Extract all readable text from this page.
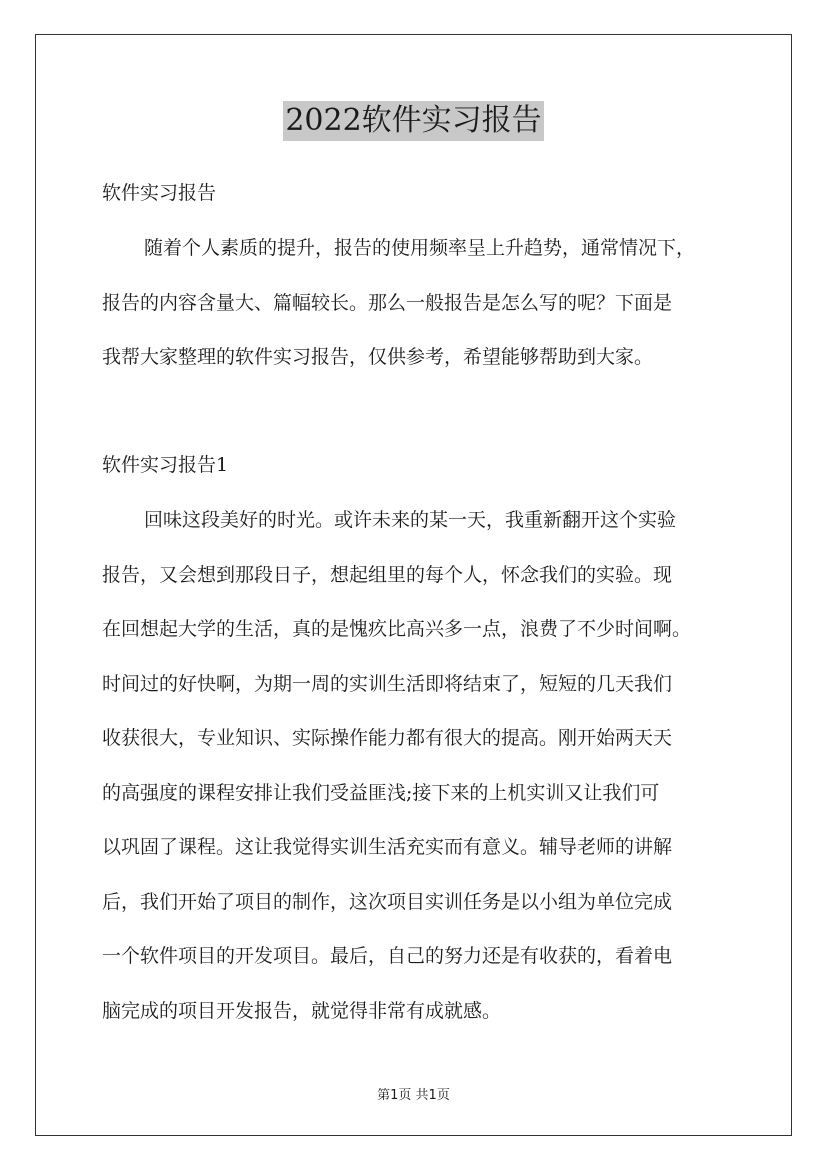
2022软件实习报告
软件实习报告
随着个人素质的提升，报告的使用频率呈上升趋势，通常情况下，
报告的内容含量大、篇幅较长。那么一般报告是怎么写的呢？下面是
我帮大家整理的软件实习报告，仅供参考，希望能够帮助到大家。
软件实习报告1
回味这段美好的时光。或许未来的某一天，我重新翻开这个实验
报告，又会想到那段日子，想起组里的每个人，怀念我们的实验。现
在回想起大学的生活，真的是愧疚比高兴多一点，浪费了不少时间啊。
时间过的好快啊，为期一周的实训生活即将结束了，短短的几天我们
收获很大，专业知识、实际操作能力都有很大的提高。刚开始两天天
的高强度的课程安排让我们受益匪浅;接下来的上机实训又让我们可
以巩固了课程。这让我觉得实训生活充实而有意义。辅导老师的讲解
后，我们开始了项目的制作，这次项目实训任务是以小组为单位完成
一个软件项目的开发项目。最后，自己的努力还是有收获的，看着电
脑完成的项目开发报告，就觉得非常有成就感。
第1页 共1页
